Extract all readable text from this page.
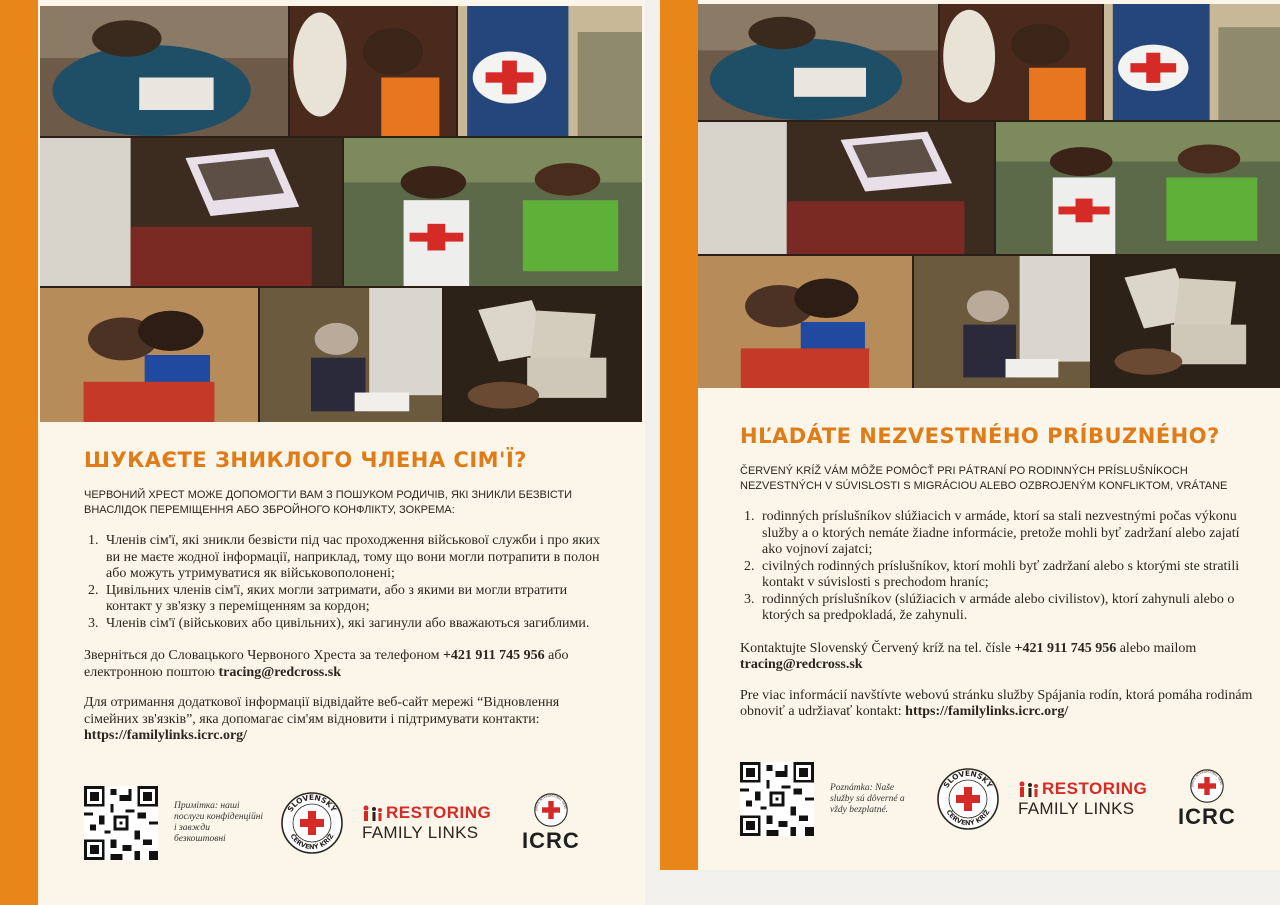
ШУКАЄТЕ ЗНИКЛОГО ЧЛЕНА СІМ'Ї?

ЧЕРВОНИЙ ХРЕСТ МОЖЕ ДОПОМОГТИ ВАМ З ПОШУКОМ РОДИЧІВ, ЯКІ ЗНИКЛИ БЕЗВІСТИ ВНАСЛІДОК ПЕРЕМІЩЕННЯ АБО ЗБРОЙНОГО КОНФЛІКТУ, ЗОКРЕМА:

1. Членів сім'ї, які зникли безвісти під час проходження військової служби і про яких ви не маєте жодної інформації, наприклад, тому що вони могли потрапити в полон або можуть утримуватися як військовополонені;
2. Цивільних членів сім'ї, яких могли затримати, або з якими ви могли втратити контакт у зв'язку з переміщенням за кордон;
3. Членів сім'ї (військових або цивільних), які загинули або вважаються загиблими.

Зверніться до Словацького Червоного Хреста за телефоном +421 911 745 956 або електронною поштою tracing@redcross.sk

Для отримання додаткової інформації відвідайте веб-сайт мережі “Відновлення сімейних зв'язків”, яка допомагає сім'ям відновити і підтримувати контакти: https://familylinks.icrc.org/

Примітка: наші послуги конфіденційні і завжди безкоштовні
SLOVENSKÝ
ČERVENÝ KRÍŽ
RESTORING
FAMILY LINKS
OMITE INTERNATIONAL GENE
ICRC
HĽADÁTE NEZVESTNÉHO PRÍBUZNÉHO?

ČERVENÝ KRÍŽ VÁM MÔŽE POMÔCŤ PRI PÁTRANÍ PO RODINNÝCH PRÍSLUŠNÍKOCH NEZVESTNÝCH V SÚVISLOSTI S MIGRÁCIOU ALEBO OZBROJENÝM KONFLIKTOM, VRÁTANE

1. rodinných príslušníkov slúžiacich v armáde, ktorí sa stali nezvestnými počas výkonu služby a o ktorých nemáte žiadne informácie, pretože mohli byť zadržaní alebo zajatí ako vojnoví zajatci;
2. civilných rodinných príslušníkov, ktorí mohli byť zadržaní alebo s ktorými ste stratili kontakt v súvislosti s prechodom hraníc;
3. rodinných príslušníkov (slúžiacich v armáde alebo civilistov), ktorí zahynuli alebo o ktorých sa predpokladá, že zahynuli.

Kontaktujte Slovenský Červený kríž na tel. čísle +421 911 745 956 alebo mailom tracing@redcross.sk

Pre viac informácií navštívte webovú stránku služby Spájania rodín, ktorá pomáha rodinám obnoviť a udržiavať kontakt: https://familylinks.icrc.org/

Poznámka: Naše služby sú dôverné a vždy bezplatné.
SLOVENSKÝ
ČERVENÝ KRÍŽ
RESTORING
FAMILY LINKS
OMITE INTERNATIONAL GENE
ICRC
